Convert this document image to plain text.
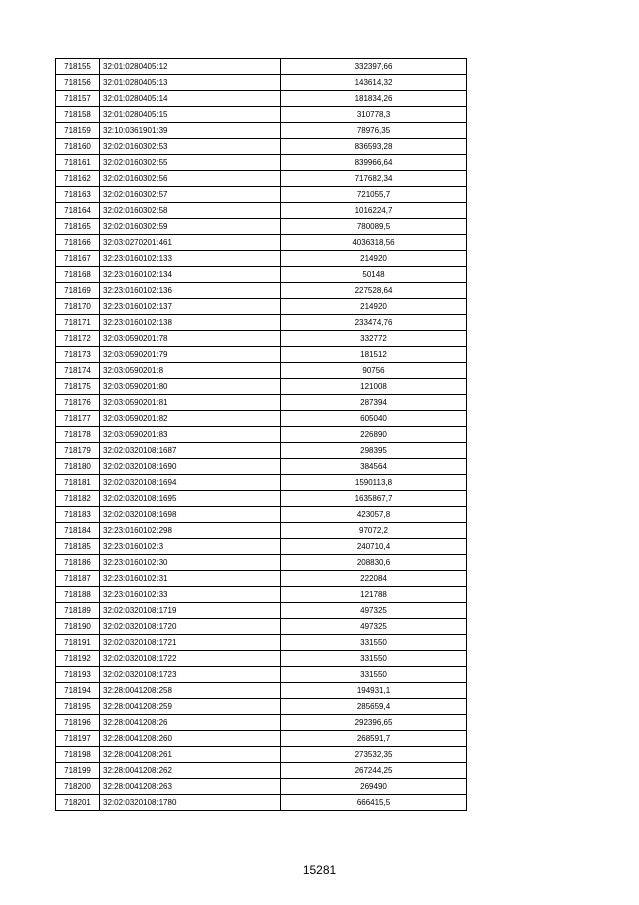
718155	32:01:0280405:12	332397,66
718156	32:01:0280405:13	143614,32
718157	32:01:0280405:14	181834,26
718158	32:01:0280405:15	310778,3
718159	32:10:0361901:39	78976,35
718160	32:02:0160302:53	836593,28
718161	32:02:0160302:55	839966,64
718162	32:02:0160302:56	717682,34
718163	32:02:0160302:57	721055,7
718164	32:02:0160302:58	1016224,7
718165	32:02:0160302:59	780089,5
718166	32:03:0270201:461	4036318,56
718167	32:23:0160102:133	214920
718168	32:23:0160102:134	50148
718169	32:23:0160102:136	227528,64
718170	32:23:0160102:137	214920
718171	32:23:0160102:138	233474,76
718172	32:03:0590201:78	332772
718173	32:03:0590201:79	181512
718174	32:03:0590201:8	90756
718175	32:03:0590201:80	121008
718176	32:03:0590201:81	287394
718177	32:03:0590201:82	605040
718178	32:03:0590201:83	226890
718179	32:02:0320108:1687	298395
718180	32:02:0320108:1690	384564
718181	32:02:0320108:1694	1590113,8
718182	32:02:0320108:1695	1635867,7
718183	32:02:0320108:1698	423057,8
718184	32:23:0160102:298	97072,2
718185	32:23:0160102:3	240710,4
718186	32:23:0160102:30	208830,6
718187	32:23:0160102:31	222084
718188	32:23:0160102:33	121788
718189	32:02:0320108:1719	497325
718190	32:02:0320108:1720	497325
718191	32:02:0320108:1721	331550
718192	32:02:0320108:1722	331550
718193	32:02:0320108:1723	331550
718194	32:28:0041208:258	194931,1
718195	32:28:0041208:259	285659,4
718196	32:28:0041208:26	292396,65
718197	32:28:0041208:260	268591,7
718198	32:28:0041208:261	273532,35
718199	32:28:0041208:262	267244,25
718200	32:28:0041208:263	269490
718201	32:02:0320108:1780	666415,5
15281
